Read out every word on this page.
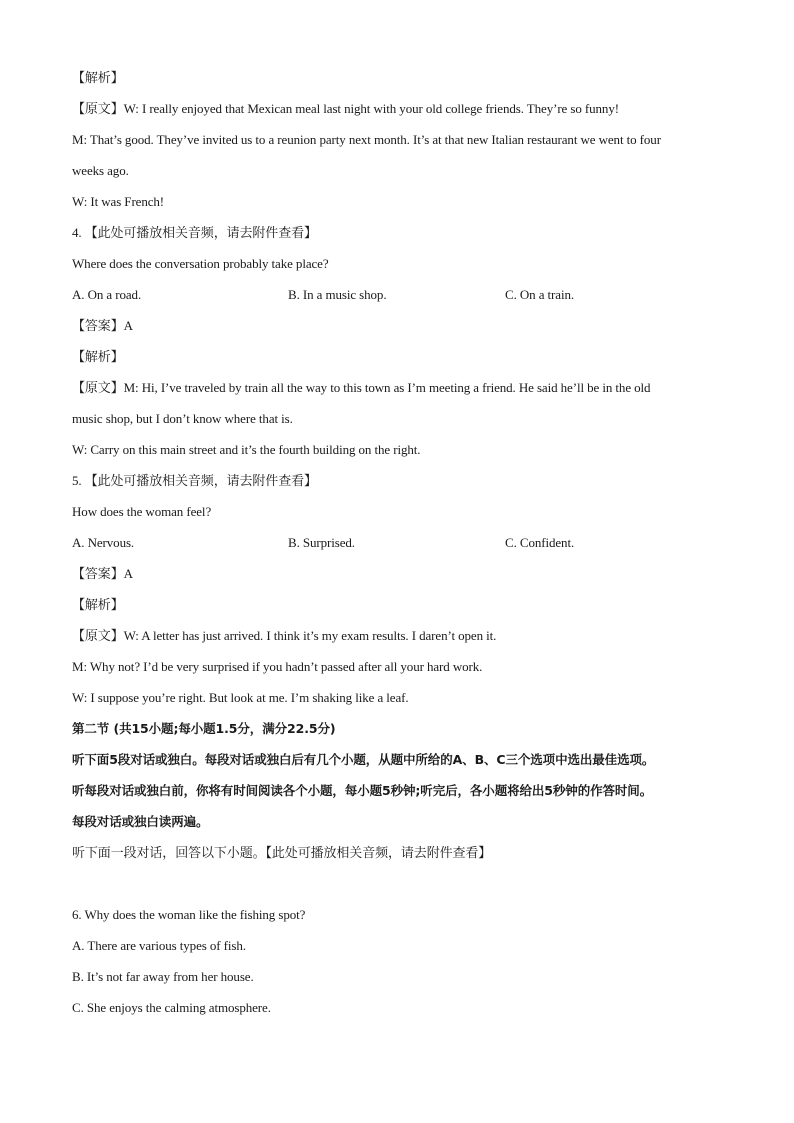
【解析】
【原文】W: I really enjoyed that Mexican meal last night with your old college friends. They’re so funny!
M: That’s good. They’ve invited us to a reunion party next month. It’s at that new Italian restaurant we went to four
weeks ago.
W: It was French!
4. 【此处可播放相关音频，请去附件查看】
Where does the conversation probably take place?
A. On a road.	B. In a music shop.	C. On a train.
【答案】A
【解析】
【原文】M: Hi, I’ve traveled by train all the way to this town as I’m meeting a friend. He said he’ll be in the old
music shop, but I don’t know where that is.
W: Carry on this main street and it’s the fourth building on the right.
5. 【此处可播放相关音频，请去附件查看】
How does the woman feel?
A. Nervous.	B. Surprised.	C. Confident.
【答案】A
【解析】
【原文】W: A letter has just arrived. I think it’s my exam results. I daren’t open it.
M: Why not? I’d be very surprised if you hadn’t passed after all your hard work.
W: I suppose you’re right. But look at me. I’m shaking like a leaf.
第二节 (共15小题;每小题1.5分，满分22.5分)
听下面5段对话或独白。每段对话或独白后有几个小题，从题中所给的A、B、C三个选项中选出最佳选项。
听每段对话或独白前，你将有时间阅读各个小题，每小题5秒钟;听完后，各小题将给出5秒钟的作答时间。
每段对话或独白读两遍。
听下面一段对话，回答以下小题。【此处可播放相关音频，请去附件查看】
6. Why does the woman like the fishing spot?
A. There are various types of fish.
B. It’s not far away from her house.
C. She enjoys the calming atmosphere.
